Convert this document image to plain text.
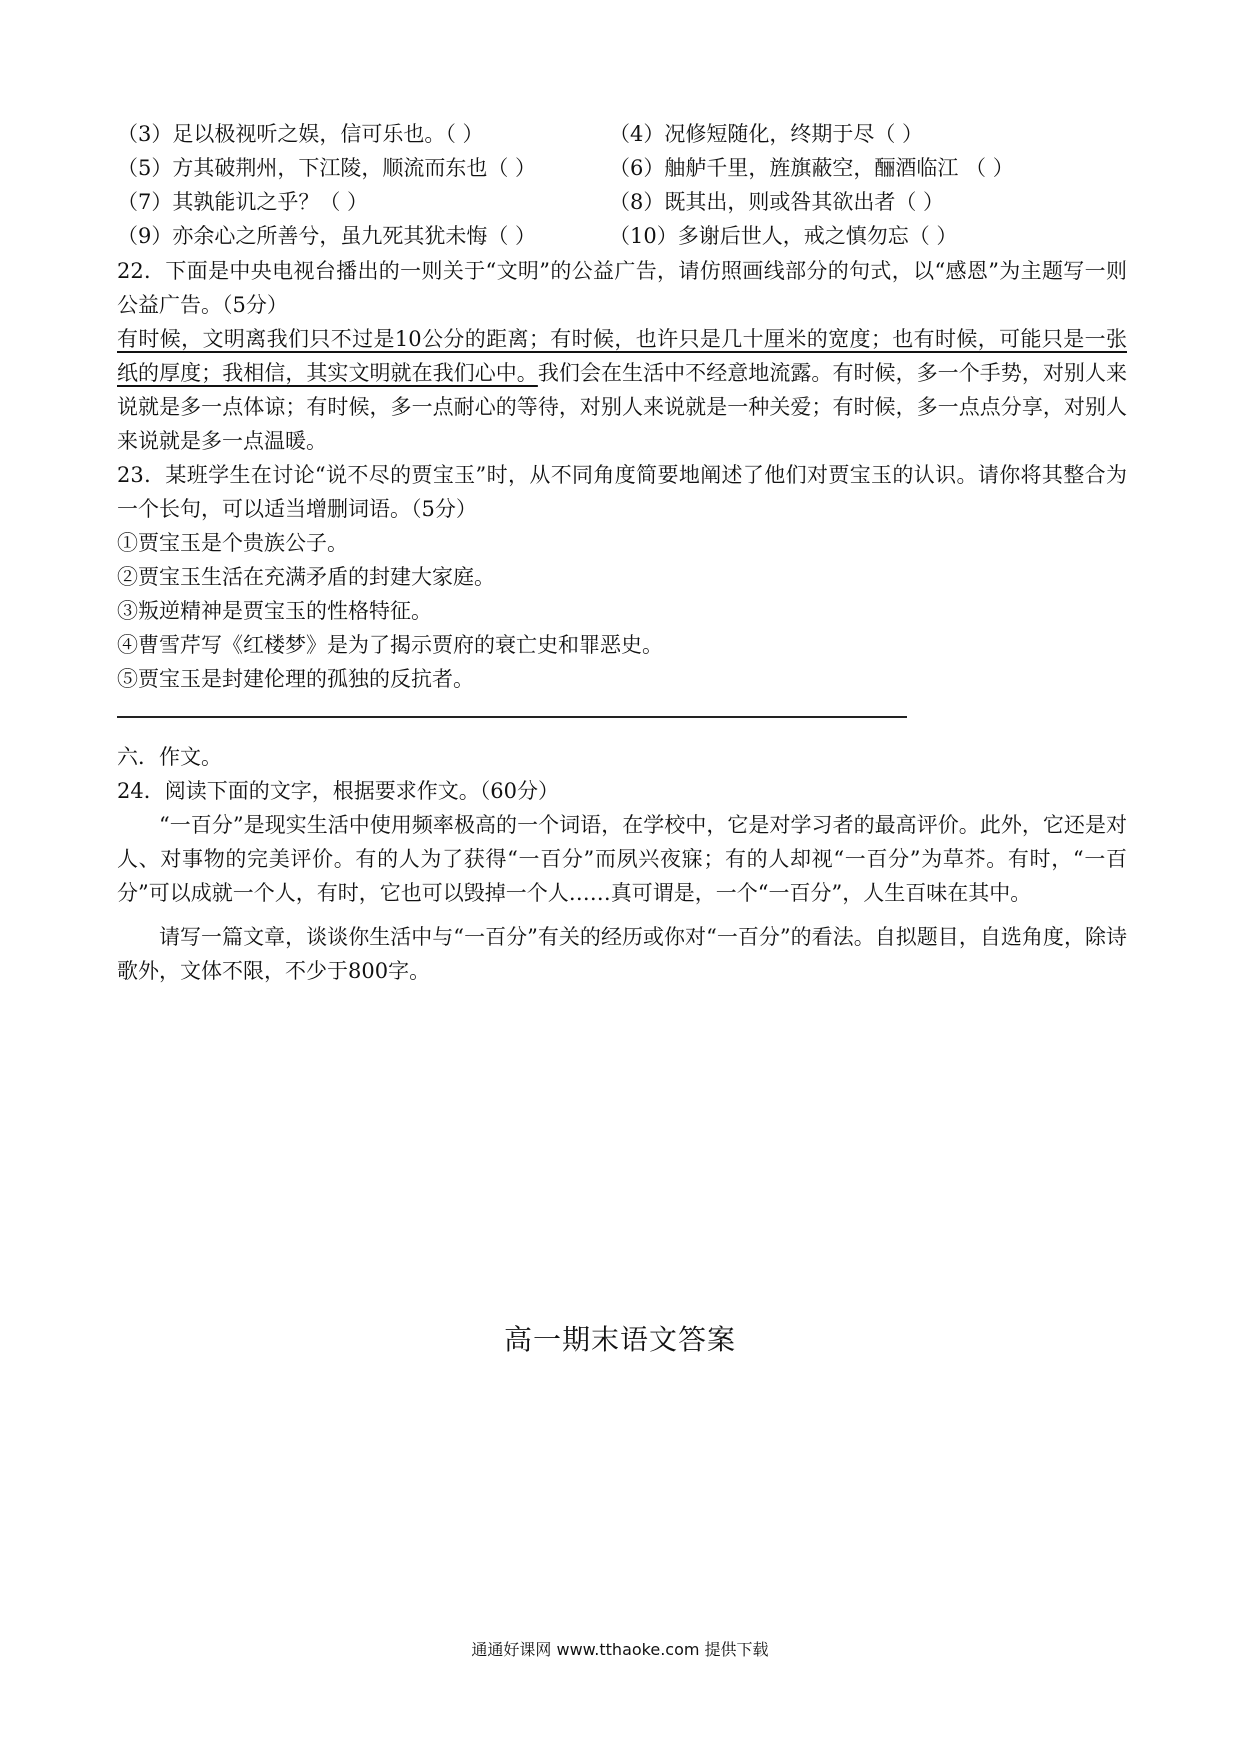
（3）足以极视听之娱，信可乐也。（ ）	（4）况修短随化，终期于尽（ ）
（5）方其破荆州，下江陵，顺流而东也（ ）	（6）舳舻千里，旌旗蔽空，酾酒临江 （ ）
（7）其孰能讥之乎？（ ）	（8）既其出，则或咎其欲出者（ ）
（9）亦余心之所善兮，虽九死其犹未悔（ ）	（10）多谢后世人，戒之慎勿忘（ ）
22．下面是中央电视台播出的一则关于“文明”的公益广告，请仿照画线部分的句式，以“感恩”为主题写一则公益广告。（5分）
有时候，文明离我们只不过是10公分的距离；有时候，也许只是几十厘米的宽度；也有时候，可能只是一张纸的厚度；我相信，其实文明就在我们心中。我们会在生活中不经意地流露。有时候，多一个手势，对别人来说就是多一点体谅；有时候，多一点耐心的等待，对别人来说就是一种关爱；有时候，多一点点分享，对别人来说就是多一点温暖。
23．某班学生在讨论“说不尽的贾宝玉”时，从不同角度简要地阐述了他们对贾宝玉的认识。请你将其整合为一个长句，可以适当增删词语。（5分）
①贾宝玉是个贵族公子。
②贾宝玉生活在充满矛盾的封建大家庭。
③叛逆精神是贾宝玉的性格特征。
④曹雪芹写《红楼梦》是为了揭示贾府的衰亡史和罪恶史。
⑤贾宝玉是封建伦理的孤独的反抗者。
六．作文。
24．阅读下面的文字，根据要求作文。（60分）
“一百分”是现实生活中使用频率极高的一个词语，在学校中，它是对学习者的最高评价。此外，它还是对人、对事物的完美评价。有的人为了获得“一百分”而夙兴夜寐；有的人却视“一百分”为草芥。有时，“一百分”可以成就一个人，有时，它也可以毁掉一个人……真可谓是，一个“一百分”，人生百味在其中。
请写一篇文章，谈谈你生活中与“一百分”有关的经历或你对“一百分”的看法。自拟题目，自选角度，除诗歌外，文体不限，不少于800字。
高一期末语文答案
通通好课网 www.tthaoke.com 提供下载
